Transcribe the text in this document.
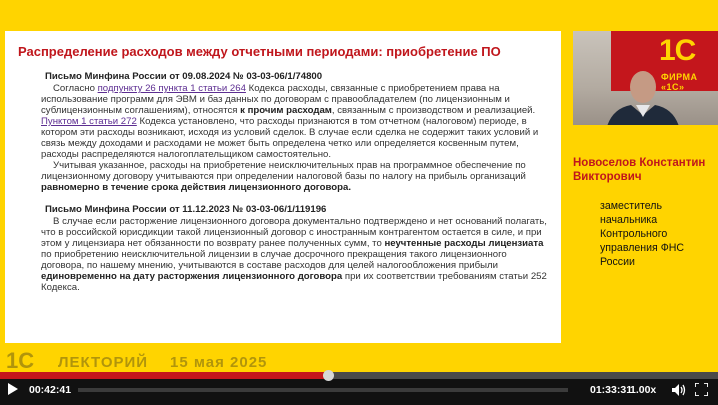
Распределение расходов между отчетными периодами: приобретение ПО

Письмо Минфина России от 09.08.2024 № 03-03-06/1/74800

Согласно подпункту 26 пункта 1 статьи 264 Кодекса расходы, связанные с приобретением права на использование программ для ЭВМ и баз данных по договорам с правообладателем (по лицензионным и сублицензионным соглашениям), относятся к прочим расходам, связанным с производством и реализацией.

Пунктом 1 статьи 272 Кодекса установлено, что расходы признаются в том отчетном (налоговом) периоде, в котором эти расходы возникают, исходя из условий сделок. В случае если сделка не содержит таких условий и связь между доходами и расходами не может быть определена четко или определяется косвенным путем, расходы распределяются налогоплательщиком самостоятельно.

Учитывая указанное, расходы на приобретение неисключительных прав на программное обеспечение по лицензионному договору учитываются при определении налоговой базы по налогу на прибыль организаций равномерно в течение срока действия лицензионного договора.

Письмо Минфина России от 11.12.2023 № 03-03-06/1/119196

В случае если расторжение лицензионного договора документально подтверждено и нет оснований полагать, что в российской юрисдикции такой лицензионный договор с иностранным контрагентом остается в силе, и при этом у лицензиара нет обязанности по возврату ранее полученных сумм, то неучтенные расходы лицензиата по приобретению неисключительной лицензии в случае досрочного прекращения такого лицензионного договора, по нашему мнению, учитываются в составе расходов для целей налогообложения прибыли единовременно на дату расторжения лицензионного договора при их соответствии требованиям статьи 252 Кодекса.

1С
ФИРМА «1С»
Новоселов Константин Викторович
заместитель начальника Контрольного управления ФНС России
1С ЛЕКТОРИЙ 15 мая 2025
00:42:41	01:33:31
1.00x
